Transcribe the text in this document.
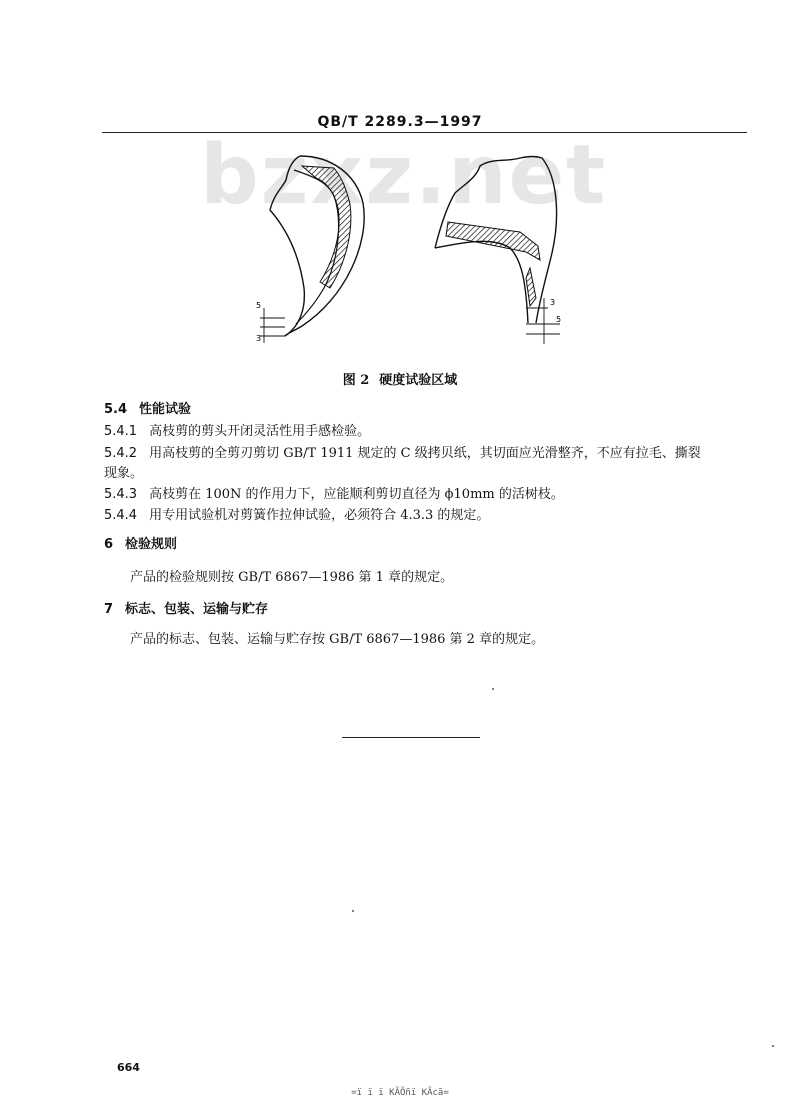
QB/T 2289.3—1997
bzxz.net
5
3
3
5
图 2 硬度试验区域
5.4 性能试验
5.4.1 高枝剪的剪头开闭灵活性用手感检验。
5.4.2 用高枝剪的全剪刃剪切 GB/T 1911 规定的 C 级拷贝纸，其切面应光滑整齐，不应有拉毛、撕裂
现象。
5.4.3 高枝剪在 100N 的作用力下，应能顺利剪切直径为 ϕ10mm 的活树枝。
5.4.4 用专用试验机对剪簧作拉伸试验，必须符合 4.3.3 的规定。
6 检验规则
产品的检验规则按 GB/T 6867—1986 第 1 章的规定。
7 标志、包装、运输与贮存
产品的标志、包装、运输与贮存按 GB/T 6867—1986 第 2 章的规定。
664
=ï ï ï KÃÕñï KÃcã=
